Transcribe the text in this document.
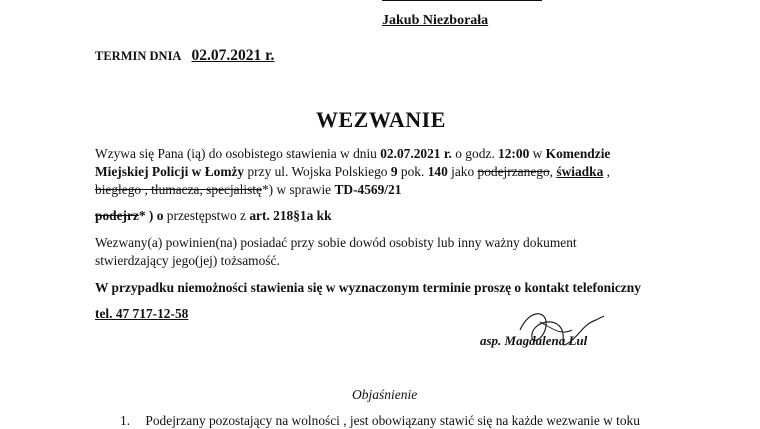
Jakub Niezborała
TERMIN DNIA 02.07.2021 r.
WEZWANIE
Wzywa się Pana (ią) do osobistego stawienia w dniu 02.07.2021 r. o godz. 12:00 w Komendzie
Miejskiej Policji w Łomży przy ul. Wojska Polskiego 9 pok. 140 jako podejrzanego, świadka ,
biegłego , tłumacza, specjalistę*) w sprawie TD-4569/21
podejrz* ) o przestępstwo z art. 218§1a kk
Wezwany(a) powinien(na) posiadać przy sobie dowód osobisty lub inny ważny dokument
stwierdzający jego(jej) tożsamość.
W przypadku niemożności stawienia się w wyznaczonym terminie proszę o kontakt telefoniczny
tel. 47 717-12-58
asp. Magdalena Lul
Objaśnienie
1. Podejrzany pozostający na wolności , jest obowiązany stawić się na każde wezwanie w toku
